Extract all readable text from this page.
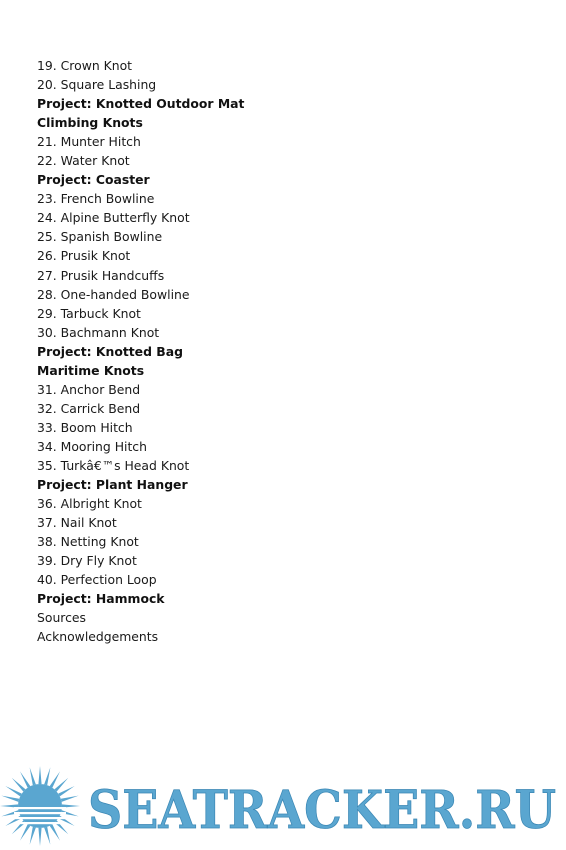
19. Crown Knot
20. Square Lashing
Project: Knotted Outdoor Mat
Climbing Knots
21. Munter Hitch
22. Water Knot
Project: Coaster
23. French Bowline
24. Alpine Butterfly Knot
25. Spanish Bowline
26. Prusik Knot
27. Prusik Handcuffs
28. One-handed Bowline
29. Tarbuck Knot
30. Bachmann Knot
Project: Knotted Bag
Maritime Knots
31. Anchor Bend
32. Carrick Bend
33. Boom Hitch
34. Mooring Hitch
35. Turkâ€™s Head Knot
Project: Plant Hanger
36. Albright Knot
37. Nail Knot
38. Netting Knot
39. Dry Fly Knot
40. Perfection Loop
Project: Hammock
Sources
Acknowledgements
SEATRACKER.RU
